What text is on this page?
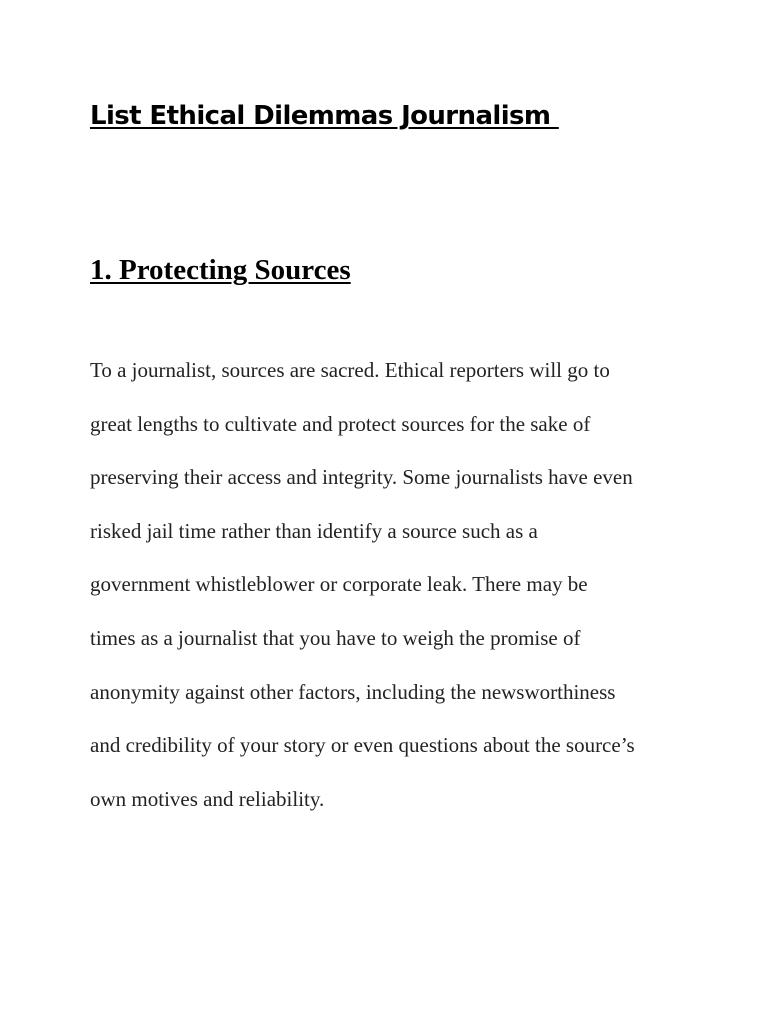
List Ethical Dilemmas Journalism
1. Protecting Sources
To a journalist, sources are sacred. Ethical reporters will go to
great lengths to cultivate and protect sources for the sake of
preserving their access and integrity. Some journalists have even
risked jail time rather than identify a source such as a
government whistleblower or corporate leak. There may be
times as a journalist that you have to weigh the promise of
anonymity against other factors, including the newsworthiness
and credibility of your story or even questions about the source’s
own motives and reliability.
